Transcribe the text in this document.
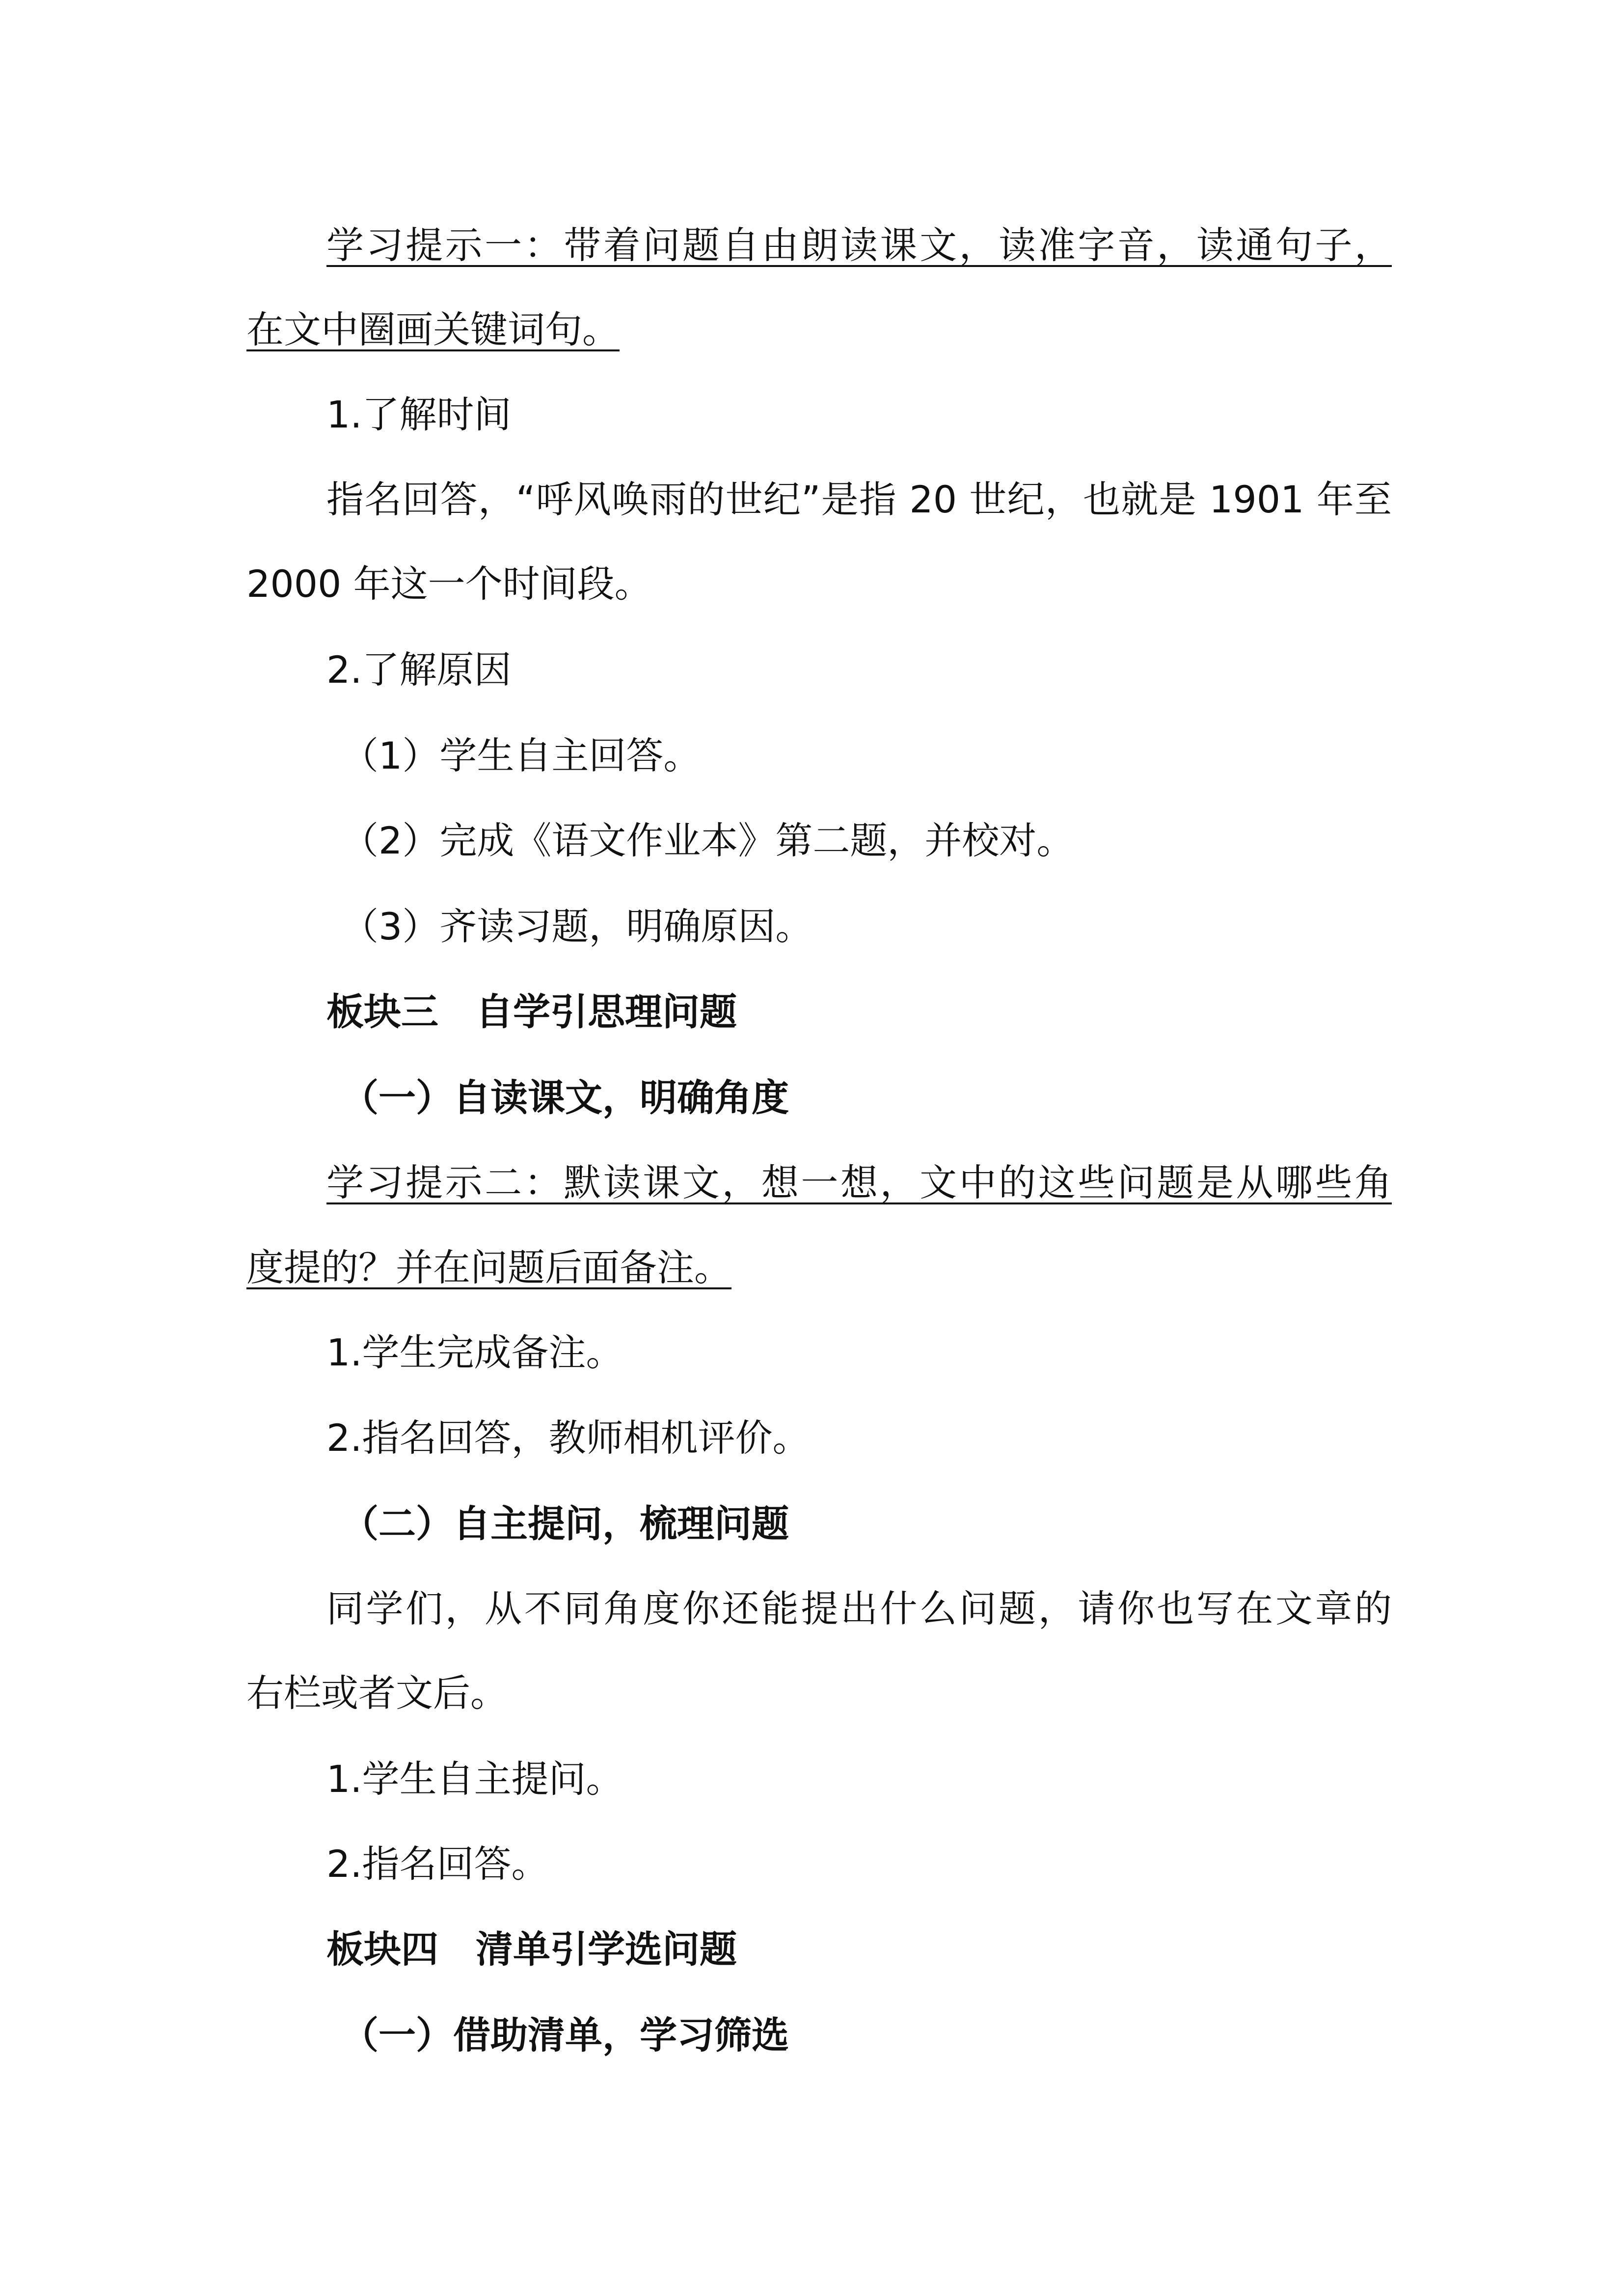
学习提示一：带着问题自由朗读课文，读准字音，读通句子，
在文中圈画关键词句。
1.了解时间
指名回答，“呼风唤雨的世纪”是指 20 世纪，也就是 1901 年至
2000 年这一个时间段。
2.了解原因
（1）学生自主回答。
（2）完成《语文作业本》第二题，并校对。
（3）齐读习题，明确原因。
板块三 自学引思理问题
（一）自读课文，明确角度
学习提示二：默读课文，想一想，文中的这些问题是从哪些角
度提的？并在问题后面备注。
1.学生完成备注。
2.指名回答，教师相机评价。
（二）自主提问，梳理问题
同学们，从不同角度你还能提出什么问题，请你也写在文章的
右栏或者文后。
1.学生自主提问。
2.指名回答。
板块四 清单引学选问题
（一）借助清单，学习筛选
